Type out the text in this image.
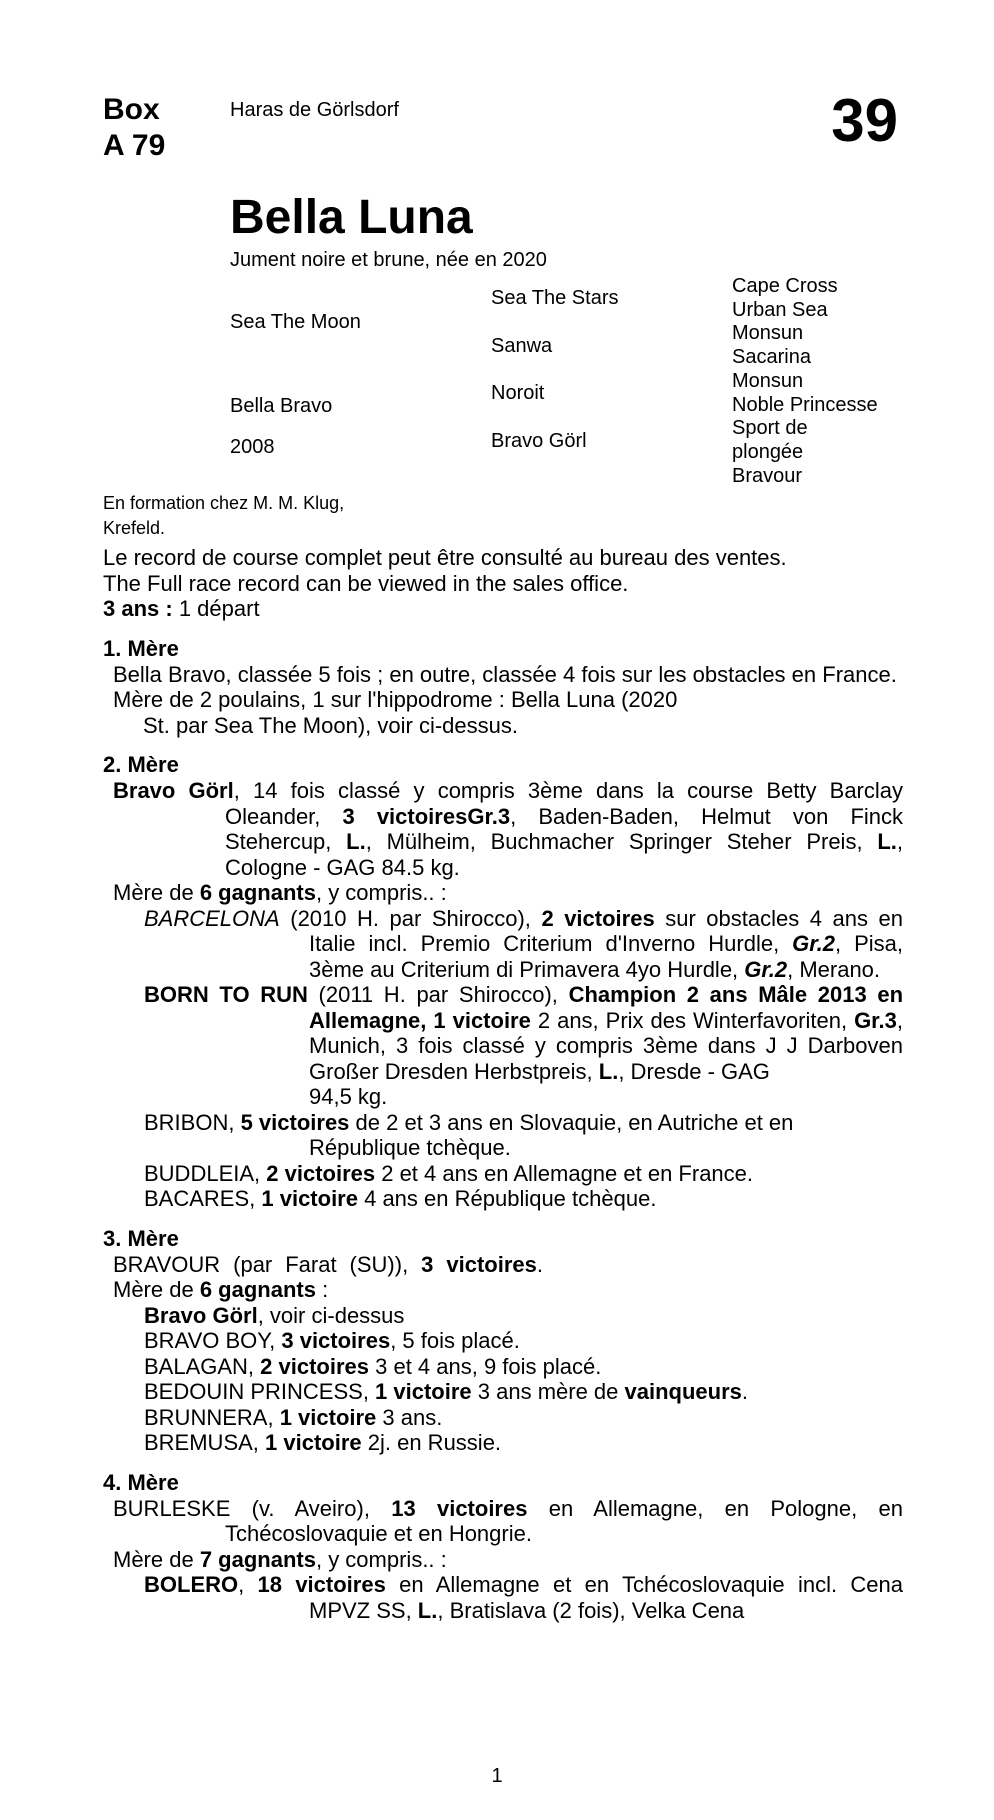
Box
A 79
Haras de Görlsdorf	39
Bella Luna
Jument noire et brune, née en 2020
Sea The Moon
Bella Bravo
2008
Sea The Stars
Sanwa
Noroit
Bravo Görl
Cape Cross
Urban Sea
Monsun
Sacarina
Monsun
Noble Princesse
Sport de
plongée
Bravour
En formation chez M. M. Klug,
Krefeld.
Le record de course complet peut être consulté au bureau des ventes.
The Full race record can be viewed in the sales office.
3 ans : 1 départ
1. Mère
Bella Bravo, classée 5 fois ; en outre, classée 4 fois sur les obstacles en France.
Mère de 2 poulains, 1 sur l'hippodrome : Bella Luna (2020 St. par Sea The Moon), voir ci-dessus.
2. Mère
Bravo Görl, 14 fois classé y compris 3ème dans la course Betty Barclay Oleander, 3 victoiresGr.3, Baden-Baden, Helmut von Finck Stehercup, L., Mülheim, Buchmacher Springer Steher Preis, L., Cologne - GAG 84.5 kg.
Mère de 6 gagnants, y compris.. :
BARCELONA (2010 H. par Shirocco), 2 victoires sur obstacles 4 ans en Italie incl. Premio Criterium d'Inverno Hurdle, Gr.2, Pisa, 3ème au Criterium di Primavera 4yo Hurdle, Gr.2, Merano.
BORN TO RUN (2011 H. par Shirocco), Champion 2 ans Mâle 2013 en Allemagne, 1 victoire 2 ans, Prix des Winterfavoriten, Gr.3, Munich, 3 fois classé y compris 3ème dans J J Darboven Großer Dresden Herbstpreis, L., Dresde - GAG
94,5 kg.
BRIBON, 5 victoires de 2 et 3 ans en Slovaquie, en Autriche et en République tchèque.
BUDDLEIA, 2 victoires 2 et 4 ans en Allemagne et en France.
BACARES, 1 victoire 4 ans en République tchèque.
3. Mère
BRAVOUR (par Farat (SU)), 3 victoires. Mère de 6 gagnants :
Bravo Görl, voir ci-dessus
BRAVO BOY, 3 victoires, 5 fois placé.
BALAGAN, 2 victoires 3 et 4 ans, 9 fois placé.
BEDOUIN PRINCESS, 1 victoire 3 ans mère de vainqueurs.
BRUNNERA, 1 victoire 3 ans.
BREMUSA, 1 victoire 2j. en Russie.
4. Mère
BURLESKE (v. Aveiro), 13 victoires en Allemagne, en Pologne, en Tchécoslovaquie et en Hongrie.
Mère de 7 gagnants, y compris.. :
BOLERO, 18 victoires en Allemagne et en Tchécoslovaquie incl. Cena MPVZ SS, L., Bratislava (2 fois), Velka Cena
1
